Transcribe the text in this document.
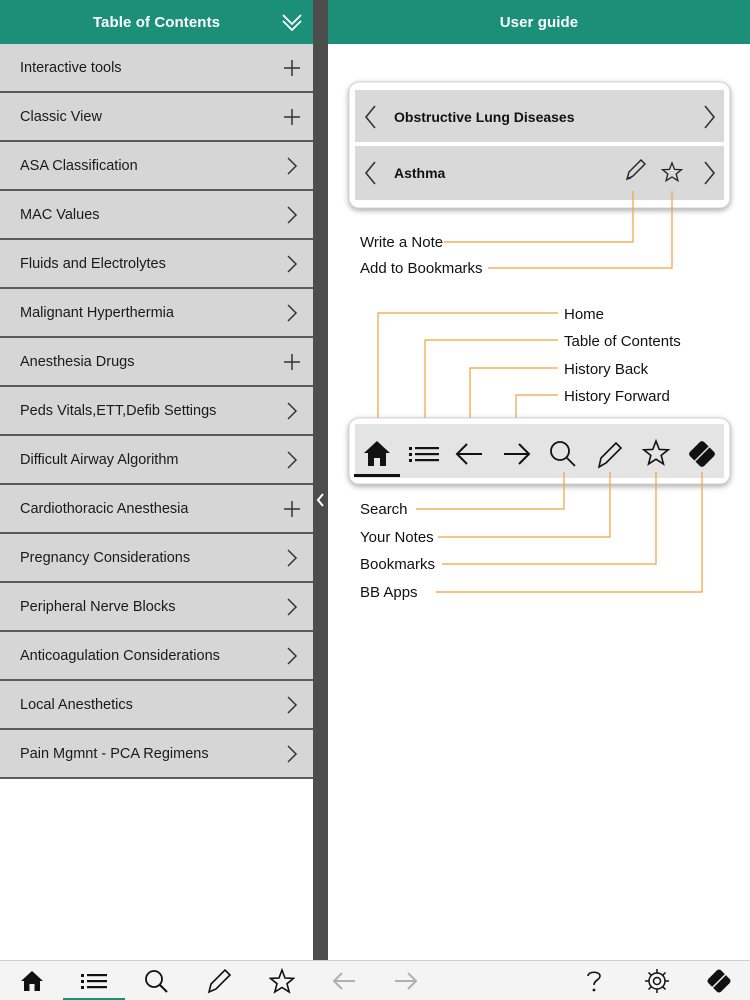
Table of Contents
Interactive tools
Classic View
ASA Classification
MAC Values
Fluids and Electrolytes
Malignant Hyperthermia
Anesthesia Drugs
Peds Vitals,ETT,Defib Settings
Difficult Airway Algorithm
Cardiothoracic Anesthesia
Pregnancy Considerations
Peripheral Nerve Blocks
Anticoagulation Considerations
Local Anesthetics
Pain Mgmnt - PCA Regimens
User guide
Obstructive Lung Diseases
Asthma
Write a Note
Add to Bookmarks
Home
Table of Contents
History Back
History Forward
Search
Your Notes
Bookmarks
BB Apps
